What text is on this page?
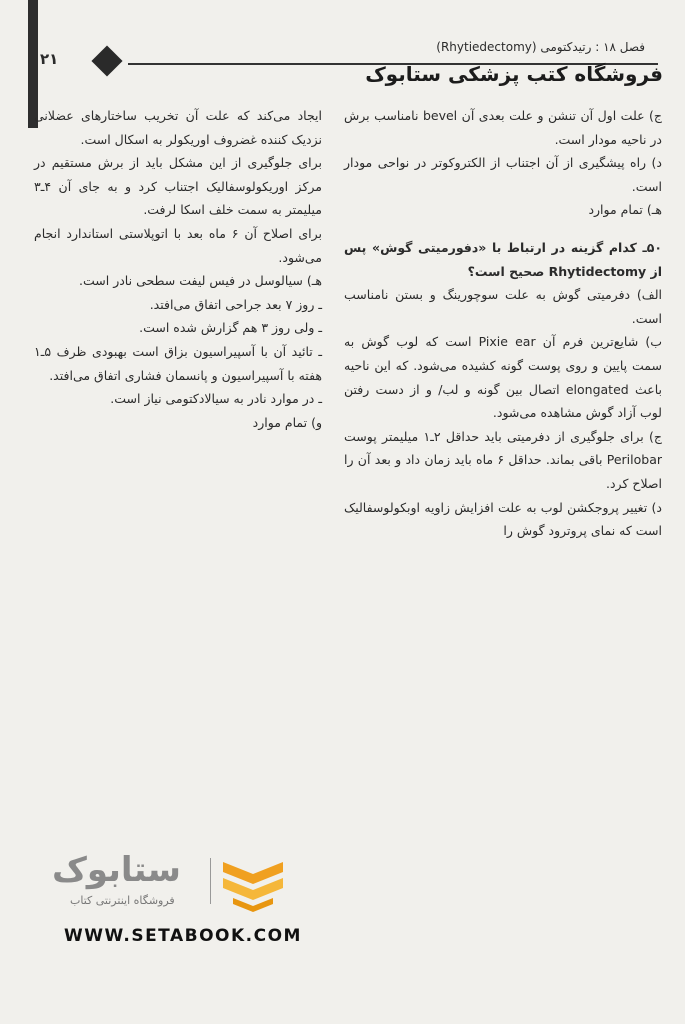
۲۱
فصل ۱۸ : رتیدکتومی (Rhytiedectomy)
فروشگاه کتب پزشکی ستابوک

ج) علت اول آن تنشن و علت بعدی آن bevel نامناسب برش در ناحیه مودار است.

د) راه پیشگیری از آن اجتناب از الکتروکوتر در نواحی مودار است.

هـ) تمام موارد

۵۰ـ کدام گزینه در ارتباط با «دفورمیتی گوش» پس از Rhytidectomy صحیح است؟

الف) دفرمیتی گوش به علت سوچورینگ و بستن نامناسب است.

ب) شایع‌ترین فرم آن Pixie ear است که لوب گوش به سمت پایین و روی پوست گونه کشیده می‌شود. که این ناحیه باعث elongated اتصال بین گونه و لب/ و از دست رفتن لوب آزاد گوش مشاهده می‌شود.

ج) برای جلوگیری از دفرمیتی باید حداقل ۲ـ۱ میلیمتر پوست Perilobar باقی بماند. حداقل ۶ ماه باید زمان داد و بعد آن را اصلاح کرد.

د) تغییر پروجکشن لوب به علت افزایش زاویه اوبکولوسفالیک است که نمای پروترود گوش را

ایجاد می‌کند که علت آن تخریب ساختارهای عضلانی نزدیک کننده غضروف اوریکولر به اسکال است.

برای جلوگیری از این مشکل باید از برش مستقیم در مرکز اوریکولوسفالیک اجتناب کرد و به جای آن ۴ـ۳ میلیمتر به سمت خلف اسکا لرفت.

برای اصلاح آن ۶ ماه بعد با اتوپلاستی استاندارد انجام می‌شود.

هـ) سیالوسل در فیس لیفت سطحی نادر است.

ـ روز ۷ بعد جراحی اتفاق می‌افتد.

ـ ولی روز ۳ هم گزارش شده است.

ـ تائید آن با آسپیراسیون بزاق است بهبودی ظرف ۵ـ۱ هفته با آسپیراسیون و پانسمان فشاری اتفاق می‌افتد.

ـ در موارد نادر به سیالادکتومی نیاز است.

و) تمام موارد

ستابوک
فروشگاه اینترنتی کتاب
WWW.SETABOOK.COM
